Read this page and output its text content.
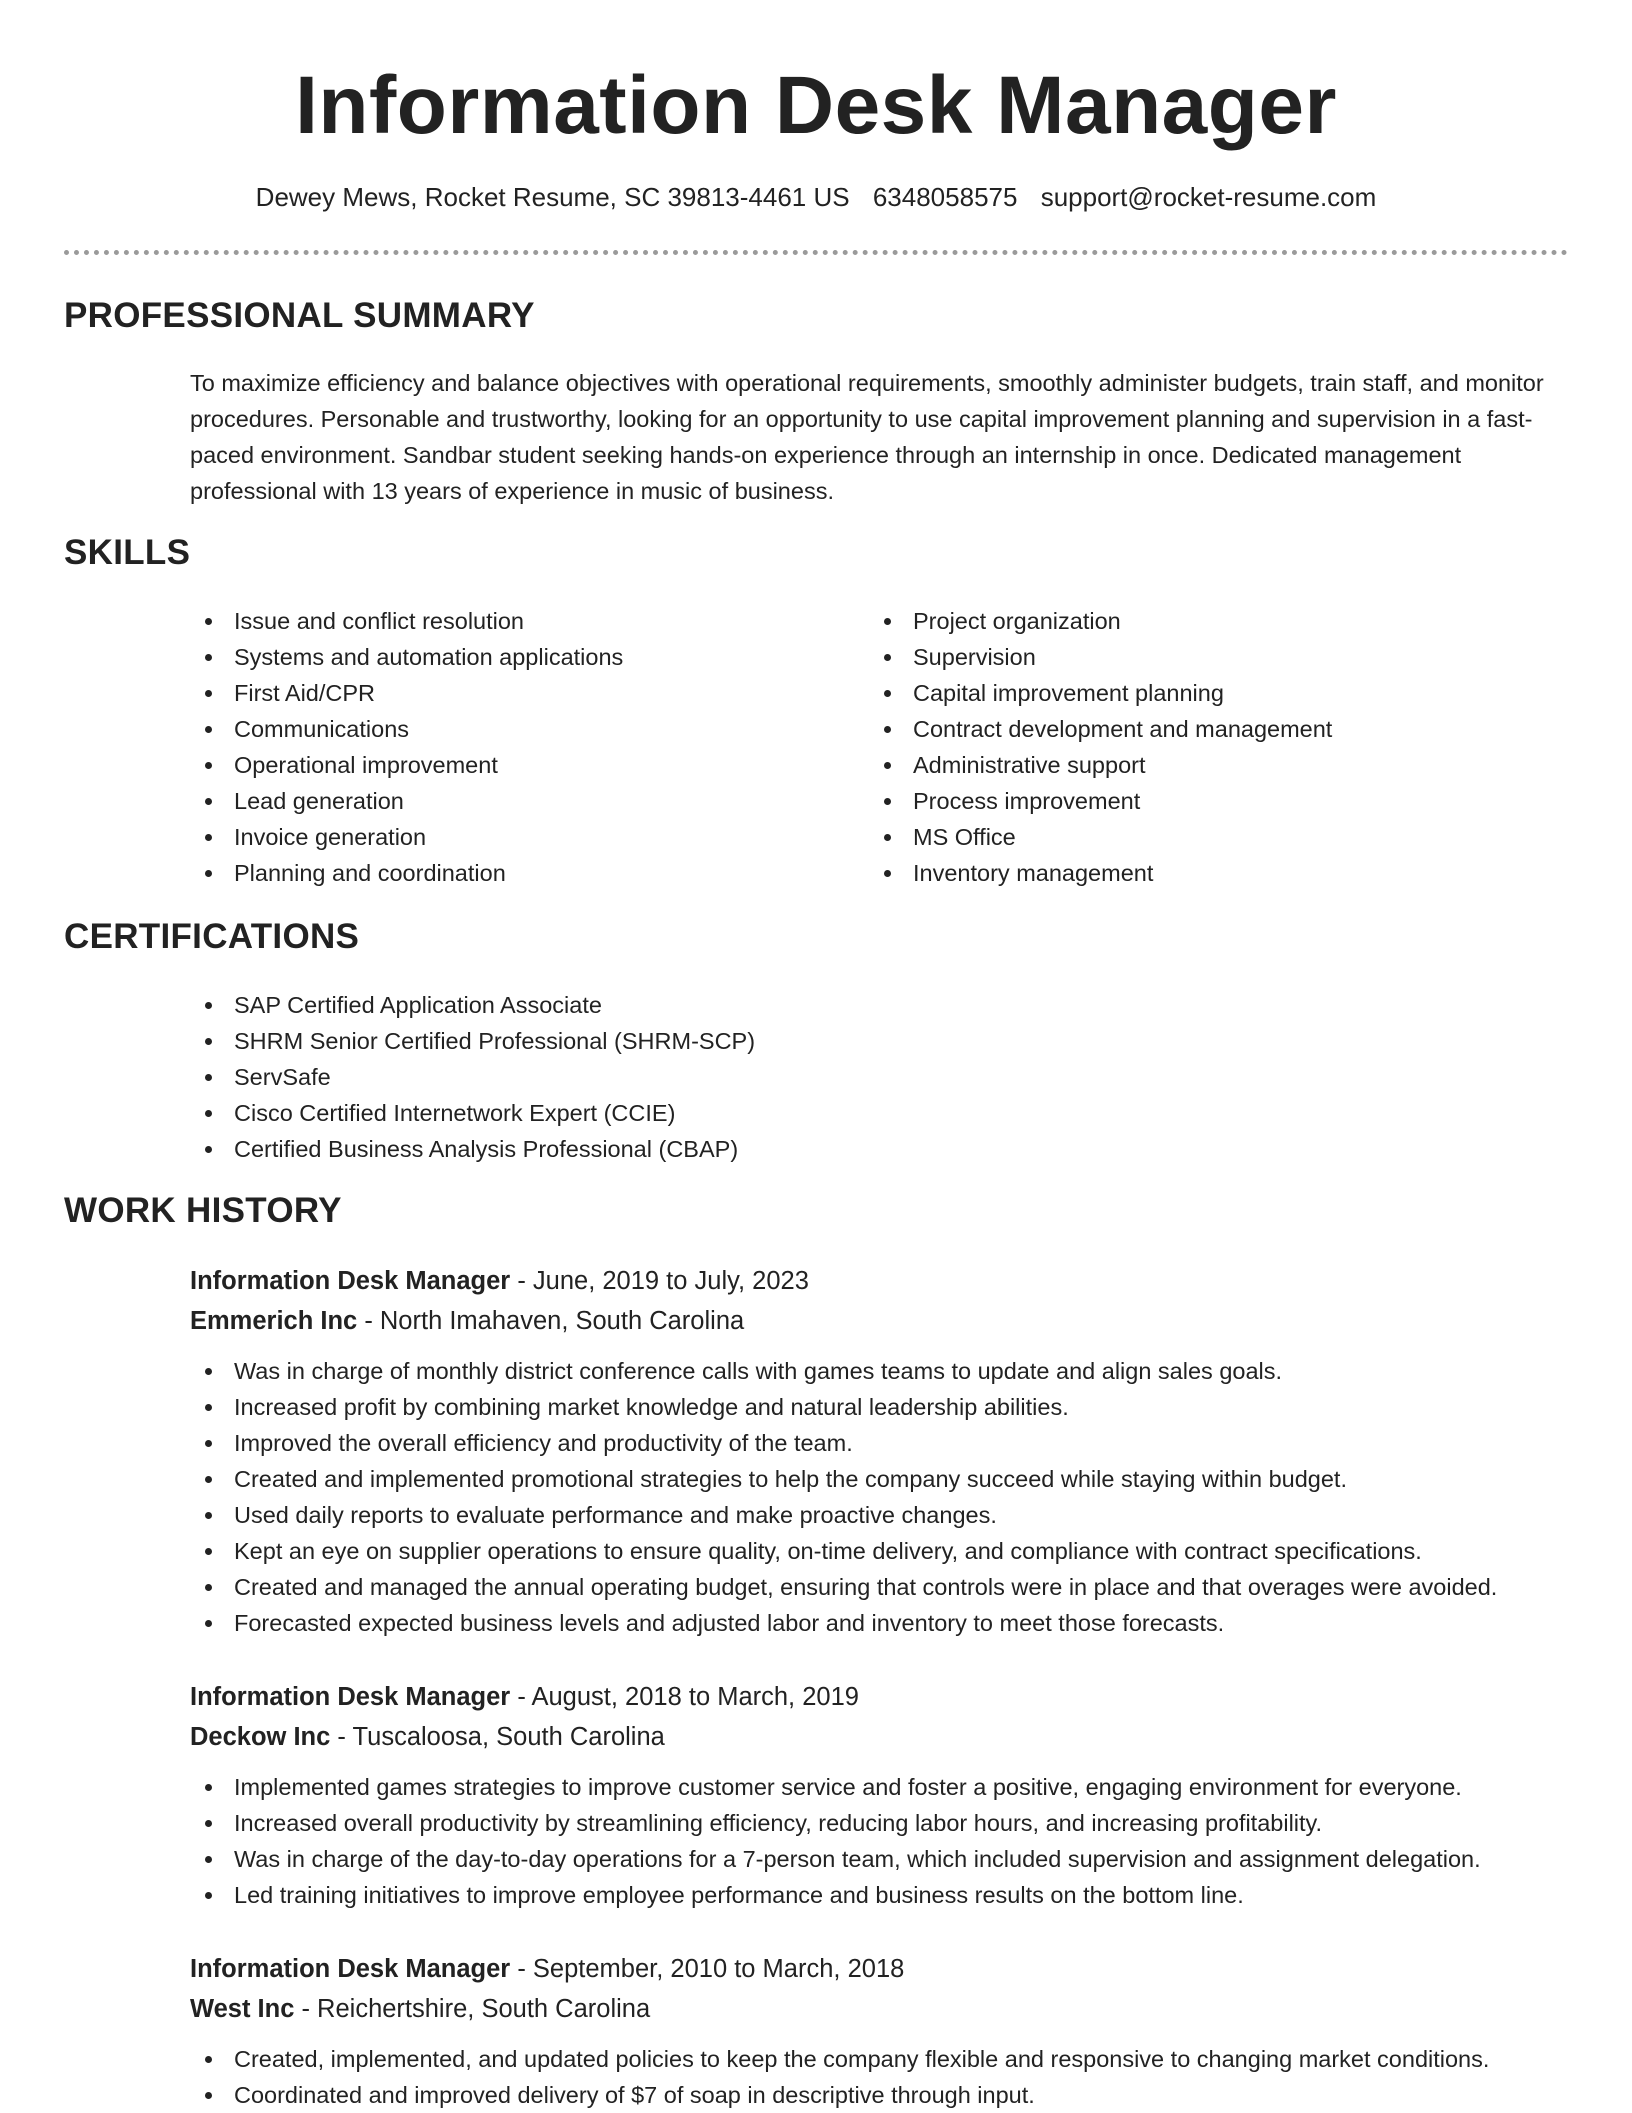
Information Desk Manager
Dewey Mews, Rocket Resume, SC 39813-4461 US 6348058575 support@rocket-resume.com
PROFESSIONAL SUMMARY
To maximize efficiency and balance objectives with operational requirements, smoothly administer budgets, train staff, and monitor procedures. Personable and trustworthy, looking for an opportunity to use capital improvement planning and supervision in a fast-paced environment. Sandbar student seeking hands-on experience through an internship in once. Dedicated management professional with 13 years of experience in music of business.
SKILLS
Issue and conflict resolution
Systems and automation applications
First Aid/CPR
Communications
Operational improvement
Lead generation
Invoice generation
Planning and coordination
Project organization
Supervision
Capital improvement planning
Contract development and management
Administrative support
Process improvement
MS Office
Inventory management
CERTIFICATIONS
SAP Certified Application Associate
SHRM Senior Certified Professional (SHRM-SCP)
ServSafe
Cisco Certified Internetwork Expert (CCIE)
Certified Business Analysis Professional (CBAP)
WORK HISTORY
Information Desk Manager - June, 2019 to July, 2023
Emmerich Inc - North Imahaven, South Carolina
Was in charge of monthly district conference calls with games teams to update and align sales goals.
Increased profit by combining market knowledge and natural leadership abilities.
Improved the overall efficiency and productivity of the team.
Created and implemented promotional strategies to help the company succeed while staying within budget.
Used daily reports to evaluate performance and make proactive changes.
Kept an eye on supplier operations to ensure quality, on-time delivery, and compliance with contract specifications.
Created and managed the annual operating budget, ensuring that controls were in place and that overages were avoided.
Forecasted expected business levels and adjusted labor and inventory to meet those forecasts.
Information Desk Manager - August, 2018 to March, 2019
Deckow Inc - Tuscaloosa, South Carolina
Implemented games strategies to improve customer service and foster a positive, engaging environment for everyone.
Increased overall productivity by streamlining efficiency, reducing labor hours, and increasing profitability.
Was in charge of the day-to-day operations for a 7-person team, which included supervision and assignment delegation.
Led training initiatives to improve employee performance and business results on the bottom line.
Information Desk Manager - September, 2010 to March, 2018
West Inc - Reichertshire, South Carolina
Created, implemented, and updated policies to keep the company flexible and responsive to changing market conditions.
Coordinated and improved delivery of $7 of soap in descriptive through input.
